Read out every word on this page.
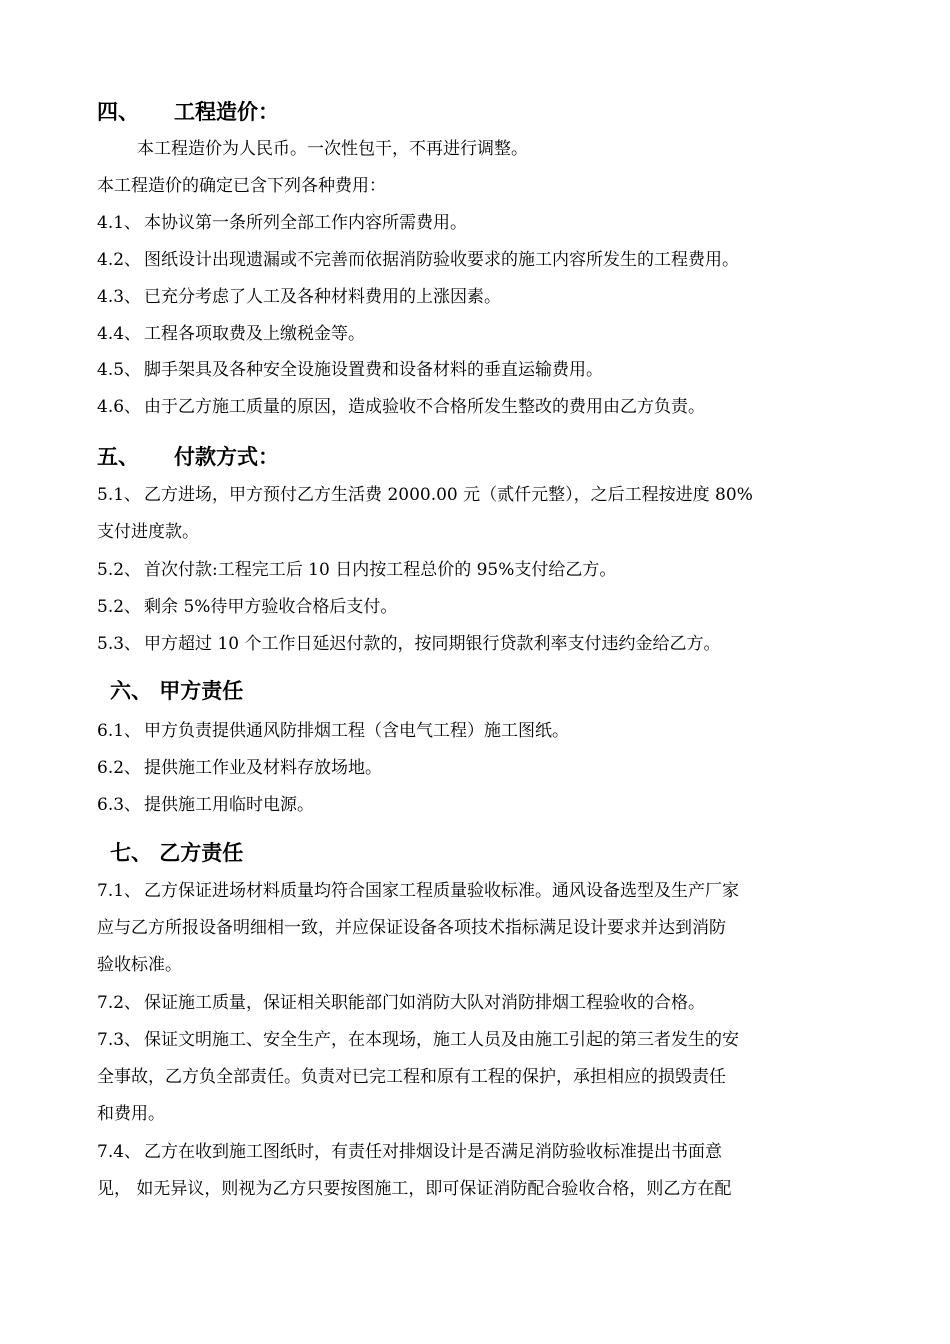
四、 工程造价：
本工程造价为人民币。一次性包干，不再进行调整。
本工程造价的确定已含下列各种费用：
4.1、 本协议第一条所列全部工作内容所需费用。
4.2、 图纸设计出现遗漏或不完善而依据消防验收要求的施工内容所发生的工程费用。
4.3、 已充分考虑了人工及各种材料费用的上涨因素。
4.4、 工程各项取费及上缴税金等。
4.5、 脚手架具及各种安全设施设置费和设备材料的垂直运输费用。
4.6、 由于乙方施工质量的原因，造成验收不合格所发生整改的费用由乙方负责。
五、 付款方式：
5.1、 乙方进场，甲方预付乙方生活费 2000.00 元（贰仟元整），之后工程按进度 80%
支付进度款。
5.2、 首次付款:工程完工后 10 日内按工程总价的 95%支付给乙方。
5.2、 剩余 5%待甲方验收合格后支付。
5.3、 甲方超过 10 个工作日延迟付款的，按同期银行贷款利率支付违约金给乙方。
六、 甲方责任
6.1、 甲方负责提供通风防排烟工程（含电气工程）施工图纸。
6.2、 提供施工作业及材料存放场地。
6.3、 提供施工用临时电源。
七、 乙方责任
7.1、 乙方保证进场材料质量均符合国家工程质量验收标准。通风设备选型及生产厂家
应与乙方所报设备明细相一致，并应保证设备各项技术指标满足设计要求并达到消防
验收标准。
7.2、 保证施工质量，保证相关职能部门如消防大队对消防排烟工程验收的合格。
7.3、 保证文明施工、安全生产，在本现场，施工人员及由施工引起的第三者发生的安
全事故，乙方负全部责任。负责对已完工程和原有工程的保护，承担相应的损毁责任
和费用。
7.4、 乙方在收到施工图纸时，有责任对排烟设计是否满足消防验收标准提出书面意
见， 如无异议，则视为乙方只要按图施工，即可保证消防配合验收合格，则乙方在配
